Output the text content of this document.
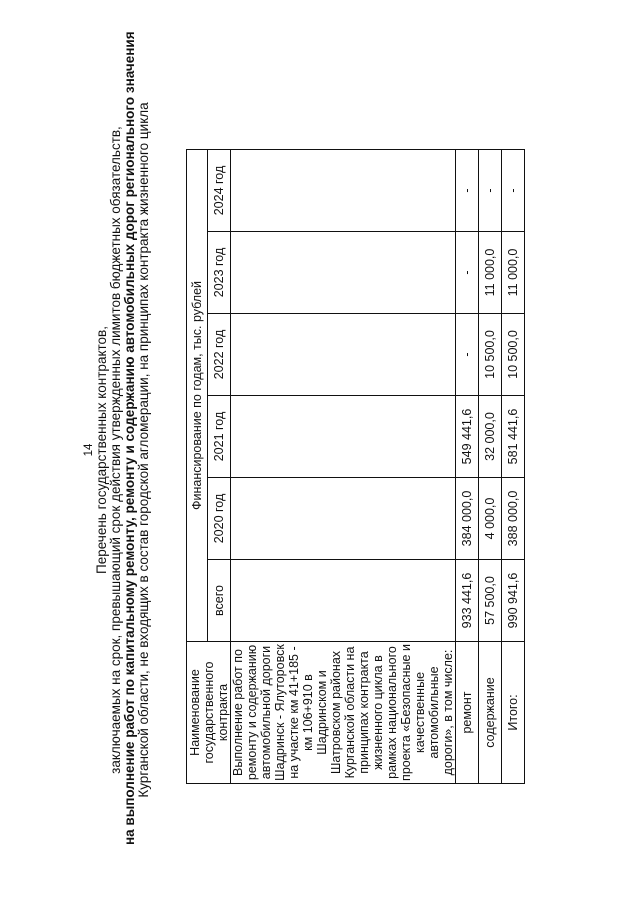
14 Перечень государственных контрактов, заключаемых на срок, превышающий срок действия утвержденных лимитов бюджетных обязательств, на выполнение работ по капитальному ремонту, ремонту и содержанию автомобильных дорог регионального значения Курганской области, не входящих в состав городской агломерации, на принципах контракта жизненного цикла	Наименование государственного контракта	Финансирование по годам, тыс. рублей					
	всего	2020 год	2021 год	2022 год	2023 год	2024 год
Выполнение работ по ремонту и содержанию автомобильной дороги Шадринск - Ялуторовск на участке км 41+185 - км 106+910 в Шадринском и Шатровском районах Курганской области на принципах контракта жизненного цикла в рамках национального проекта «Безопасные и качественные автомобильные дороги», в том числе:						
ремонт	933 441,6	384 000,0	549 441,6	-	-	-
содержание	57 500,0	4 000,0	32 000,0	10 500,0	11 000,0	-
Итого:	990 941,6	388 000,0	581 441,6	10 500,0	11 000,0	-
